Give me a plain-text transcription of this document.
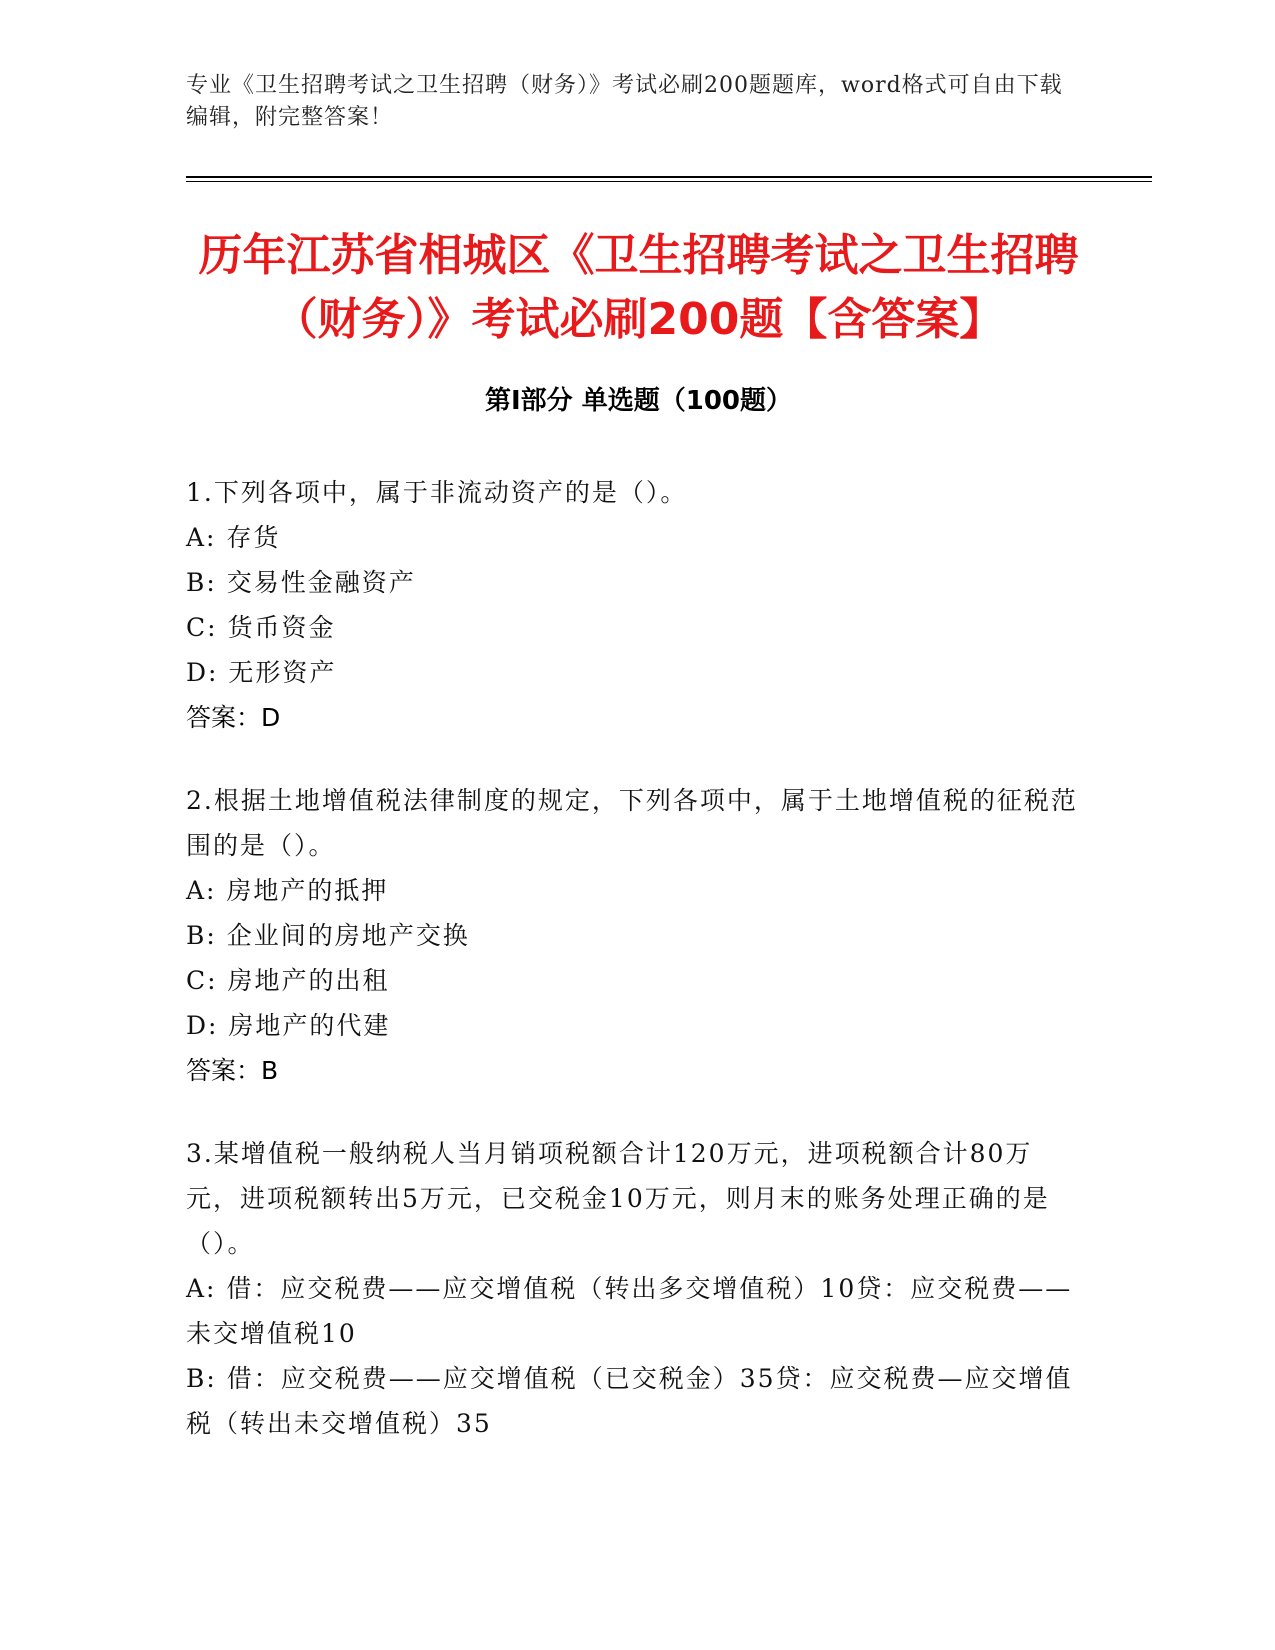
专业《卫生招聘考试之卫生招聘（财务）》考试必刷200题题库，word格式可自由下载编辑，附完整答案！
历年江苏省相城区《卫生招聘考试之卫生招聘（财务）》考试必刷200题【含答案】
第I部分 单选题（100题）

1.下列各项中，属于非流动资产的是（）。

A: 存货

B: 交易性金融资产

C: 货币资金

D: 无形资产

答案：D

2.根据土地增值税法律制度的规定，下列各项中，属于土地增值税的征税范围的是（）。

A: 房地产的抵押

B: 企业间的房地产交换

C: 房地产的出租

D: 房地产的代建

答案：B

3.某增值税一般纳税人当月销项税额合计120万元，进项税额合计80万元，进项税额转出5万元，已交税金10万元，则月末的账务处理正确的是（）。

A: 借：应交税费——应交增值税（转出多交增值税）10贷：应交税费——未交增值税10

B: 借：应交税费——应交增值税（已交税金）35贷：应交税费—应交增值税（转出未交增值税）35
